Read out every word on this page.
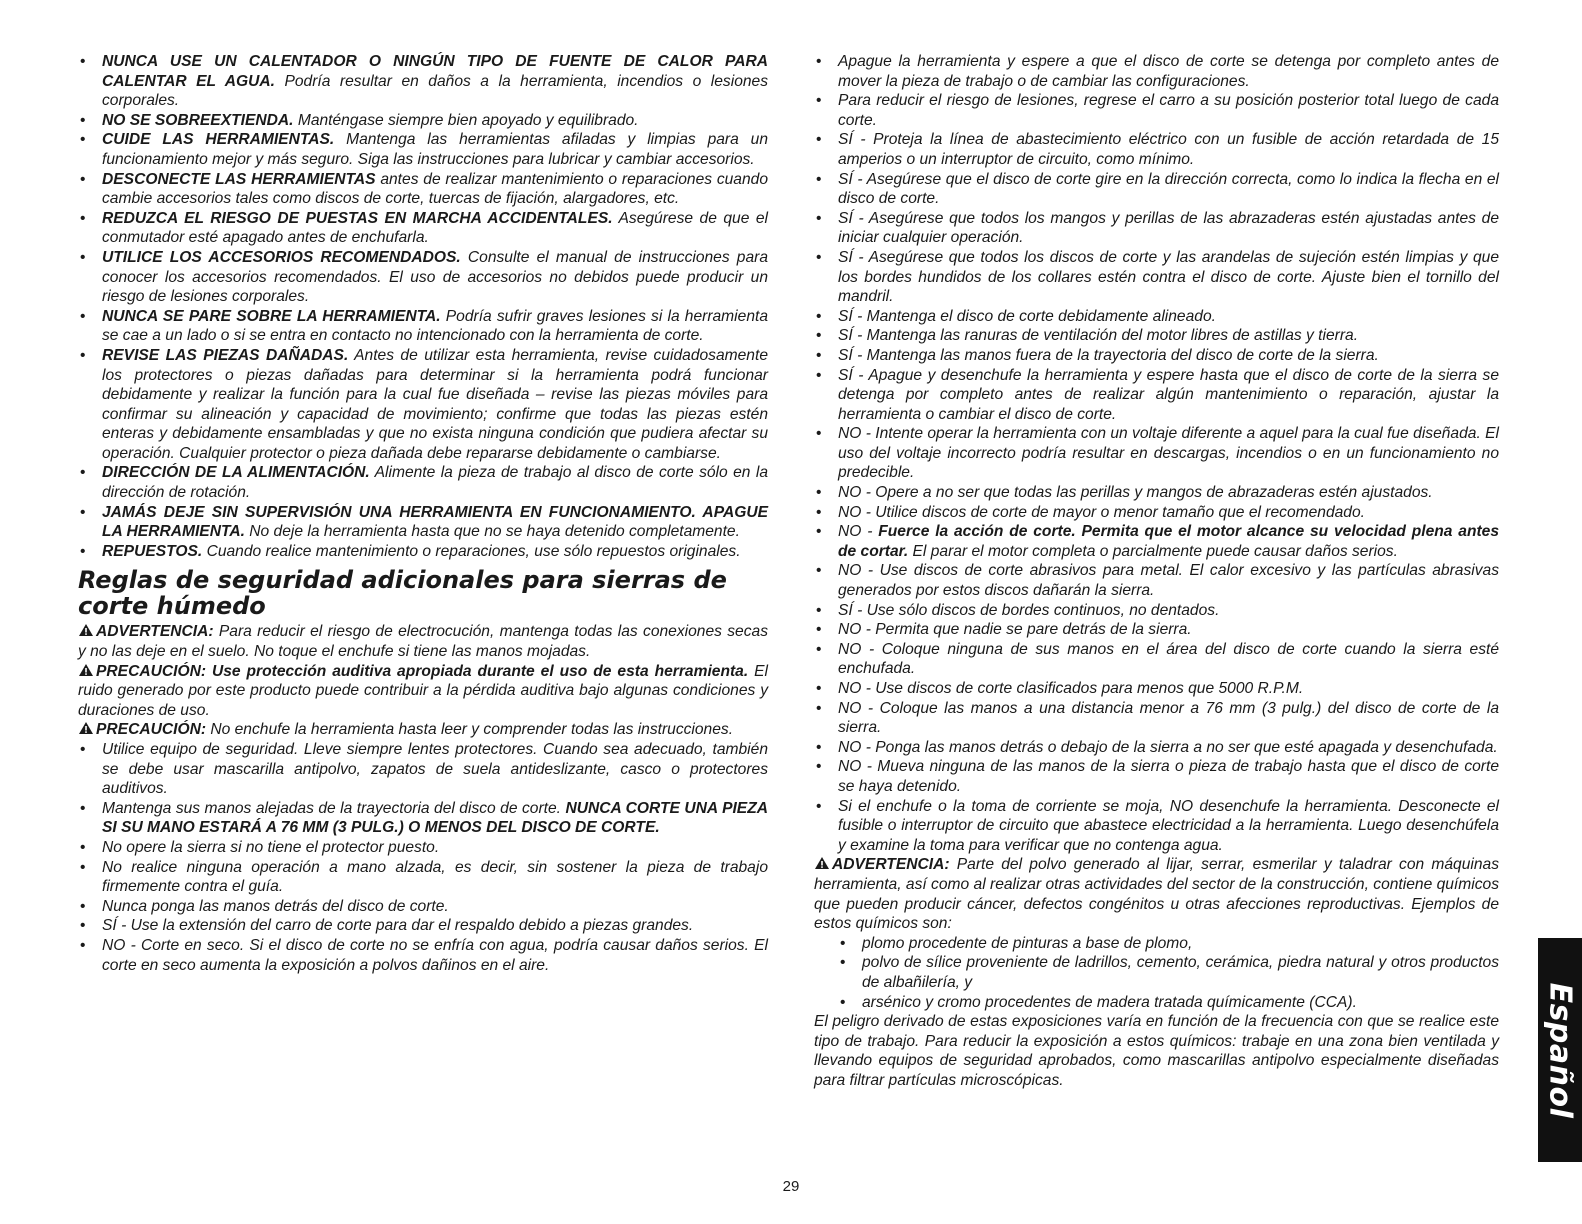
• NUNCA USE UN CALENTADOR O NINGÚN TIPO DE FUENTE DE CALOR PARA CALENTAR EL AGUA. Podría resultar en daños a la herramienta, incendios o lesiones corporales.
• NO SE SOBREEXTIENDA. Manténgase siempre bien apoyado y equilibrado.
• CUIDE LAS HERRAMIENTAS. Mantenga las herramientas afiladas y limpias para un funcionamiento mejor y más seguro. Siga las instrucciones para lubricar y cambiar accesorios.
• DESCONECTE LAS HERRAMIENTAS antes de realizar mantenimiento o reparaciones cuando cambie accesorios tales como discos de corte, tuercas de fijación, alargadores, etc.
• REDUZCA EL RIESGO DE PUESTAS EN MARCHA ACCIDENTALES. Asegúrese de que el conmutador esté apagado antes de enchufarla.
• UTILICE LOS ACCESORIOS RECOMENDADOS. Consulte el manual de instrucciones para conocer los accesorios recomendados. El uso de accesorios no debidos puede producir un riesgo de lesiones corporales.
• NUNCA SE PARE SOBRE LA HERRAMIENTA. Podría sufrir graves lesiones si la herramienta se cae a un lado o si se entra en contacto no intencionado con la herramienta de corte.
• REVISE LAS PIEZAS DAÑADAS. Antes de utilizar esta herramienta, revise cuidadosamente los protectores o piezas dañadas para determinar si la herramienta podrá funcionar debidamente y realizar la función para la cual fue diseñada – revise las piezas móviles para confirmar su alineación y capacidad de movimiento; confirme que todas las piezas estén enteras y debidamente ensambladas y que no exista ninguna condición que pudiera afectar su operación. Cualquier protector o pieza dañada debe repararse debidamente o cambiarse.
• DIRECCIÓN DE LA ALIMENTACIÓN. Alimente la pieza de trabajo al disco de corte sólo en la dirección de rotación.
• JAMÁS DEJE SIN SUPERVISIÓN UNA HERRAMIENTA EN FUNCIONAMIENTO. APAGUE LA HERRAMIENTA. No deje la herramienta hasta que no se haya detenido completamente.
• REPUESTOS. Cuando realice mantenimiento o reparaciones, use sólo repuestos originales.
Reglas de seguridad adicionales para sierras de corte húmedo

ADVERTENCIA: Para reducir el riesgo de electrocución, mantenga todas las conexiones secas y no las deje en el suelo. No toque el enchufe si tiene las manos mojadas.

PRECAUCIÓN: Use protección auditiva apropiada durante el uso de esta herramienta. El ruido generado por este producto puede contribuir a la pérdida auditiva bajo algunas condiciones y duraciones de uso.

PRECAUCIÓN: No enchufe la herramienta hasta leer y comprender todas las instrucciones.

• Utilice equipo de seguridad. Lleve siempre lentes protectores. Cuando sea adecuado, también se debe usar mascarilla antipolvo, zapatos de suela antideslizante, casco o protectores auditivos.
• Mantenga sus manos alejadas de la trayectoria del disco de corte. NUNCA CORTE UNA PIEZA SI SU MANO ESTARÁ A 76 MM (3 PULG.) O MENOS DEL DISCO DE CORTE.
• No opere la sierra si no tiene el protector puesto.
• No realice ninguna operación a mano alzada, es decir, sin sostener la pieza de trabajo firmemente contra el guía.
• Nunca ponga las manos detrás del disco de corte.
• SÍ - Use la extensión del carro de corte para dar el respaldo debido a piezas grandes.
• NO - Corte en seco. Si el disco de corte no se enfría con agua, podría causar daños serios. El corte en seco aumenta la exposición a polvos dañinos en el aire.
• Apague la herramienta y espere a que el disco de corte se detenga por completo antes de mover la pieza de trabajo o de cambiar las configuraciones.
• Para reducir el riesgo de lesiones, regrese el carro a su posición posterior total luego de cada corte.
• SÍ - Proteja la línea de abastecimiento eléctrico con un fusible de acción retardada de 15 amperios o un interruptor de circuito, como mínimo.
• SÍ - Asegúrese que el disco de corte gire en la dirección correcta, como lo indica la flecha en el disco de corte.
• SÍ - Asegúrese que todos los mangos y perillas de las abrazaderas estén ajustadas antes de iniciar cualquier operación.
• SÍ - Asegúrese que todos los discos de corte y las arandelas de sujeción estén limpias y que los bordes hundidos de los collares estén contra el disco de corte. Ajuste bien el tornillo del mandril.
• SÍ - Mantenga el disco de corte debidamente alineado.
• SÍ - Mantenga las ranuras de ventilación del motor libres de astillas y tierra.
• SÍ - Mantenga las manos fuera de la trayectoria del disco de corte de la sierra.
• SÍ - Apague y desenchufe la herramienta y espere hasta que el disco de corte de la sierra se detenga por completo antes de realizar algún mantenimiento o reparación, ajustar la herramienta o cambiar el disco de corte.
• NO - Intente operar la herramienta con un voltaje diferente a aquel para la cual fue diseñada. El uso del voltaje incorrecto podría resultar en descargas, incendios o en un funcionamiento no predecible.
• NO - Opere a no ser que todas las perillas y mangos de abrazaderas estén ajustados.
• NO - Utilice discos de corte de mayor o menor tamaño que el recomendado.
• NO - Fuerce la acción de corte. Permita que el motor alcance su velocidad plena antes de cortar. El parar el motor completa o parcialmente puede causar daños serios.
• NO - Use discos de corte abrasivos para metal. El calor excesivo y las partículas abrasivas generados por estos discos dañarán la sierra.
• SÍ - Use sólo discos de bordes continuos, no dentados.
• NO - Permita que nadie se pare detrás de la sierra.
• NO - Coloque ninguna de sus manos en el área del disco de corte cuando la sierra esté enchufada.
• NO - Use discos de corte clasificados para menos que 5000 R.P.M.
• NO - Coloque las manos a una distancia menor a 76 mm (3 pulg.) del disco de corte de la sierra.
• NO - Ponga las manos detrás o debajo de la sierra a no ser que esté apagada y desenchufada.
• NO - Mueva ninguna de las manos de la sierra o pieza de trabajo hasta que el disco de corte se haya detenido.
• Si el enchufe o la toma de corriente se moja, NO desenchufe la herramienta. Desconecte el fusible o interruptor de circuito que abastece electricidad a la herramienta. Luego desenchúfela y examine la toma para verificar que no contenga agua.

ADVERTENCIA: Parte del polvo generado al lijar, serrar, esmerilar y taladrar con máquinas herramienta, así como al realizar otras actividades del sector de la construcción, contiene químicos que pueden producir cáncer, defectos congénitos u otras afecciones reproductivas. Ejemplos de estos químicos son:

• plomo procedente de pinturas a base de plomo,
• polvo de sílice proveniente de ladrillos, cemento, cerámica, piedra natural y otros productos de albañilería, y
• arsénico y cromo procedentes de madera tratada químicamente (CCA).

El peligro derivado de estas exposiciones varía en función de la frecuencia con que se realice este tipo de trabajo. Para reducir la exposición a estos químicos: trabaje en una zona bien ventilada y llevando equipos de seguridad aprobados, como mascarillas antipolvo especialmente diseñadas para filtrar partículas microscópicas.

29
Español
